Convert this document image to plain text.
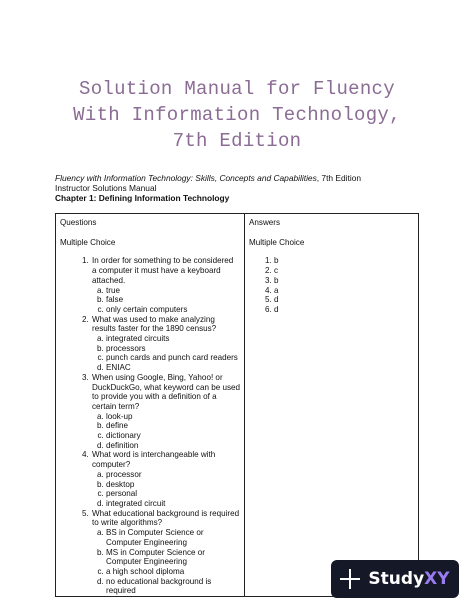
Solution Manual for Fluency
With Information Technology,
7th Edition
Fluency with Information Technology: Skills, Concepts and Capabilities, 7th Edition
Instructor Solutions Manual
Chapter 1: Defining Information Technology
Questions
Multiple Choice
1. In order for something to be considered a computer it must have a keyboard attached.
a. true
b. false
c. only certain computers
2. What was used to make analyzing results faster for the 1890 census?
a. integrated circuits
b. processors
c. punch cards and punch card readers
d. ENIAC
3. When using Google, Bing, Yahoo! or DuckDuckGo, what keyword can be used to provide you with a definition of a certain term?
a. look-up
b. define
c. dictionary
d. definition
4. What word is interchangeable with computer?
a. processor
b. desktop
c. personal
d. integrated circuit
5. What educational background is required to write algorithms?
a. BS in Computer Science or Computer Engineering
b. MS in Computer Science or Computer Engineering
c. a high school diploma
d. no educational background is required

Answers
Multiple Choice
1. b
2. c
3. b
4. a
5. d
6. d
StudyXY
